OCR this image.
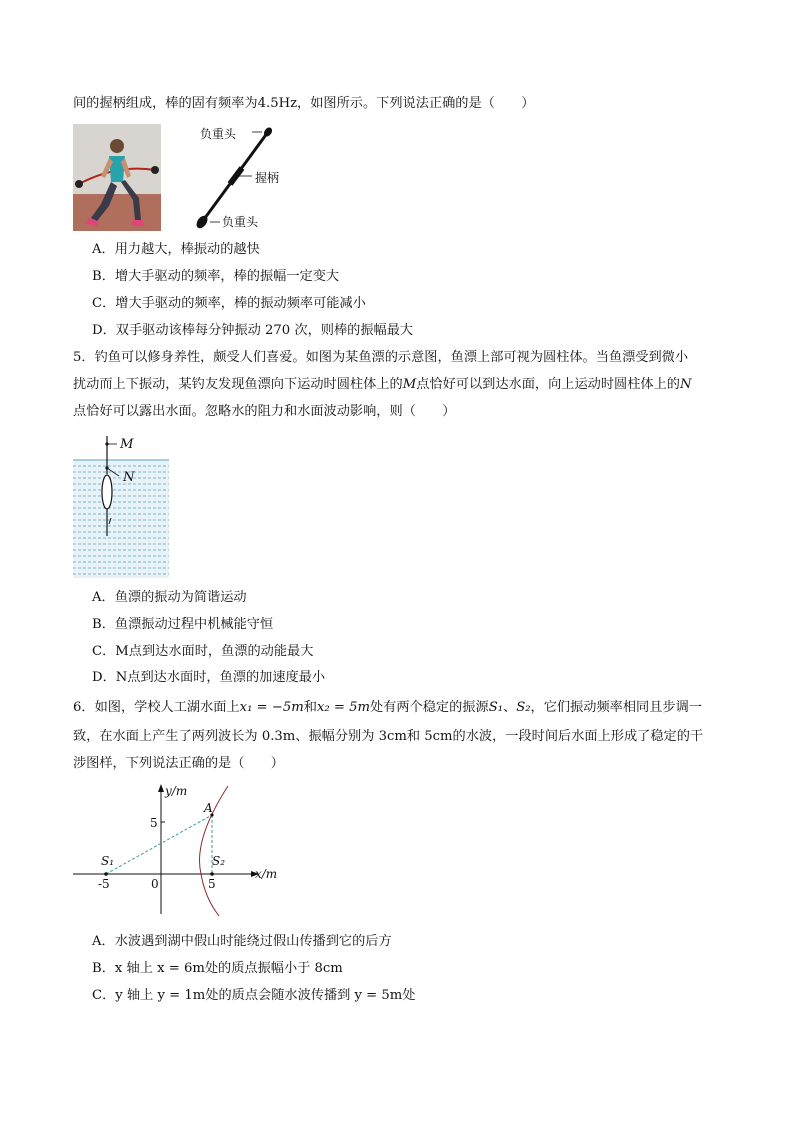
间的握柄组成，棒的固有频率为4.5Hz，如图所示。下列说法正确的是（　　）
负重头
握柄
负重头
A．用力越大，棒振动的越快
B．增大手驱动的频率，棒的振幅一定变大
C．增大手驱动的频率，棒的振动频率可能减小
D．双手驱动该棒每分钟振动 270 次，则棒的振幅最大
5．钓鱼可以修身养性，颇受人们喜爱。如图为某鱼漂的示意图，鱼漂上部可视为圆柱体。当鱼漂受到微小
扰动而上下振动，某钓友发现鱼漂向下运动时圆柱体上的M点恰好可以到达水面，向上运动时圆柱体上的N
点恰好可以露出水面。忽略水的阻力和水面波动影响，则（　　）
M
N
A．鱼漂的振动为简谐运动
B．鱼漂振动过程中机械能守恒
C．M点到达水面时，鱼漂的动能最大
D．N点到达水面时，鱼漂的加速度最小
6．如图，学校人工湖水面上x₁ = −5m和x₂ = 5m处有两个稳定的振源S₁、S₂，它们振动频率相同且步调一
致，在水面上产生了两列波长为 0.3m、振幅分别为 3cm和 5cm的水波，一段时间后水面上形成了稳定的干
涉图样，下列说法正确的是（　　）
y/m
x/m
A
S₁	S₂
-5	0	5
5
A．水波遇到湖中假山时能绕过假山传播到它的后方
B．x 轴上 x = 6m处的质点振幅小于 8cm
C．y 轴上 y = 1m处的质点会随水波传播到 y = 5m处
